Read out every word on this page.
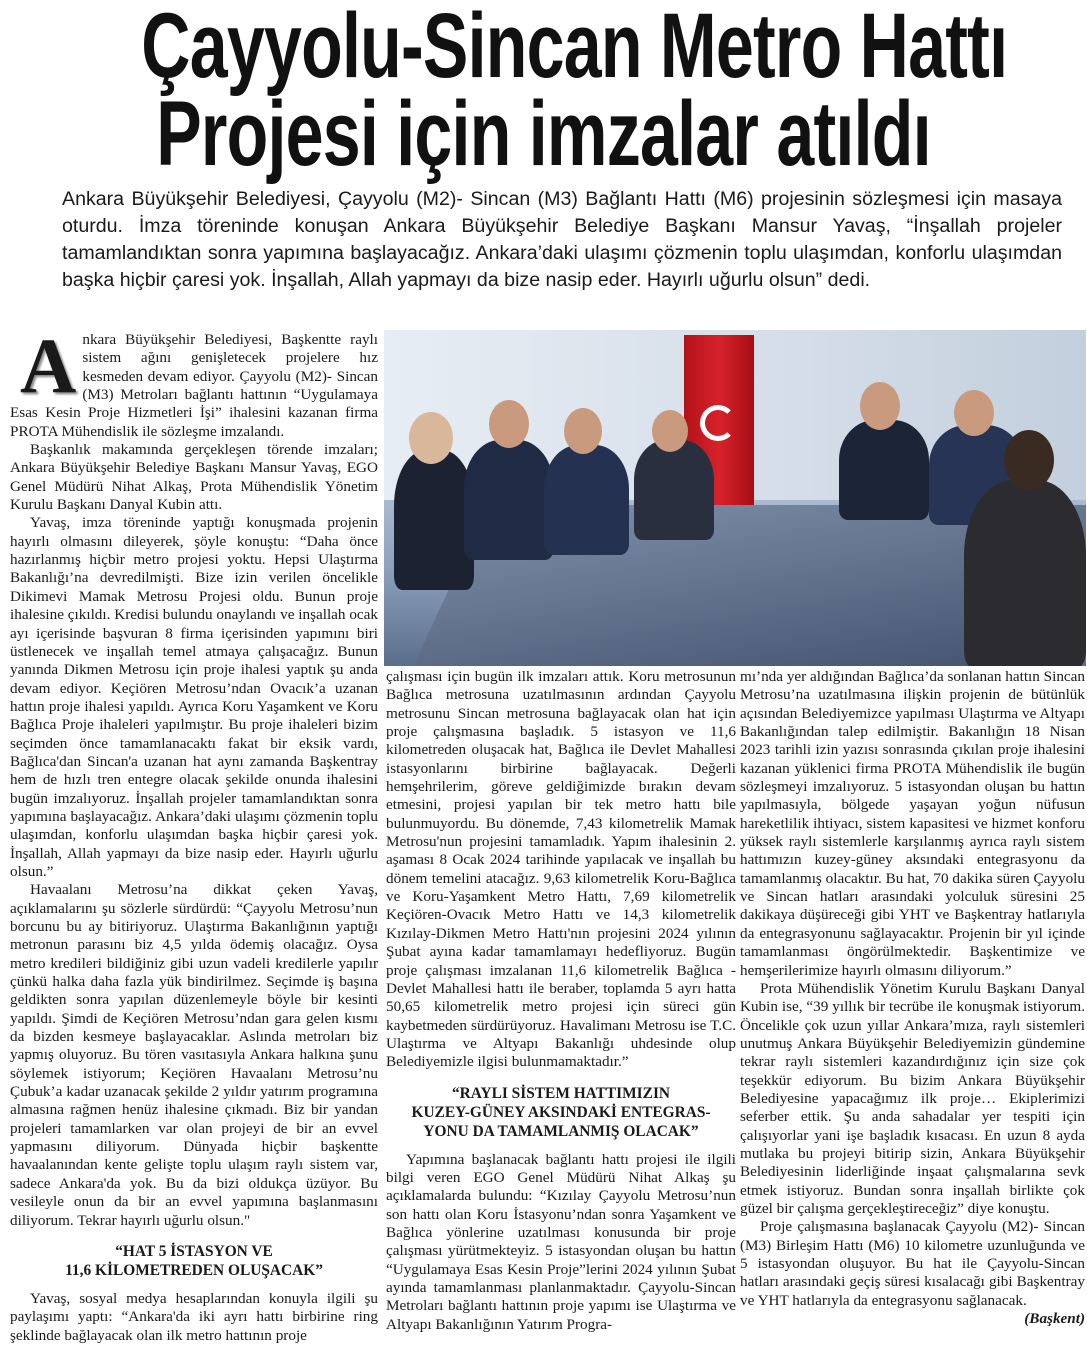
Çayyolu-Sincan Metro Hattı
Projesi için imzalar atıldı
Ankara Büyükşehir Belediyesi, Çayyolu (M2)- Sincan (M3) Bağlantı Hattı (M6) projesinin sözleşmesi için masaya oturdu. İmza töreninde konuşan Ankara Büyükşehir Belediye Başkanı Mansur Yavaş, “İnşallah projeler tamamlandıktan sonra yapımına başlayacağız. Ankara’daki ulaşımı çözmenin toplu ulaşımdan, konforlu ulaşımdan başka hiçbir çaresi yok. İnşallah, Allah yapmayı da bize nasip eder. Hayırlı uğurlu olsun” dedi.

Ankara Büyükşehir Belediyesi, Başkentte raylı sistem ağını genişletecek projelere hız kesmeden devam ediyor. Çayyolu (M2)- Sincan (M3) Metroları bağlantı hattının “Uygulamaya Esas Kesin Proje Hizmetleri İşi” ihalesini kazanan firma PROTA Mühendislik ile sözleşme imzalandı.

Başkanlık makamında gerçekleşen törende imzaları; Ankara Büyükşehir Belediye Başkanı Mansur Yavaş, EGO Genel Müdürü Nihat Alkaş, Prota Mühendislik Yönetim Kurulu Başkanı Danyal Kubin attı.

Yavaş, imza töreninde yaptığı konuşmada projenin hayırlı olmasını dileyerek, şöyle konuştu: “Daha önce hazırlanmış hiçbir metro projesi yoktu. Hepsi Ulaştırma Bakanlığı’na devredilmişti. Bize izin verilen öncelikle Dikimevi Mamak Metrosu Projesi oldu. Bunun proje ihalesine çıkıldı. Kredisi bulundu onaylandı ve inşallah ocak ayı içerisinde başvuran 8 firma içerisinden yapımını biri üstlenecek ve inşallah temel atmaya çalışacağız. Bunun yanında Dikmen Metrosu için proje ihalesi yaptık şu anda devam ediyor. Keçiören Metrosu’ndan Ovacık’a uzanan hattın proje ihalesi yapıldı. Ayrıca Koru Yaşamkent ve Koru Bağlıca Proje ihaleleri yapılmıştır. Bu proje ihaleleri bizim seçimden önce tamamlanacaktı fakat bir eksik vardı, Bağlıca'dan Sincan'a uzanan hat aynı zamanda Başkentray hem de hızlı tren entegre olacak şekilde onunda ihalesini bugün imzalıyoruz. İnşallah projeler tamamlandıktan sonra yapımına başlayacağız. Ankara’daki ulaşımı çözmenin toplu ulaşımdan, konforlu ulaşımdan başka hiçbir çaresi yok. İnşallah, Allah yapmayı da bize nasip eder. Hayırlı uğurlu olsun.”

Havaalanı Metrosu’na dikkat çeken Yavaş, açıklamalarını şu sözlerle sürdürdü: “Çayyolu Metrosu’nun borcunu bu ay bitiriyoruz. Ulaştırma Bakanlığının yaptığı metronun parasını biz 4,5 yılda ödemiş olacağız. Oysa metro kredileri bildiğiniz gibi uzun vadeli kredilerle yapılır çünkü halka daha fazla yük bindirilmez. Seçimde iş başına geldikten sonra yapılan düzenlemeyle böyle bir kesinti yapıldı. Şimdi de Keçiören Metrosu’ndan gara gelen kısmı da bizden kesmeye başlayacaklar. Aslında metroları biz yapmış oluyoruz. Bu tören vasıtasıyla Ankara halkına şunu söylemek istiyorum; Keçiören Havaalanı Metrosu’nu Çubuk’a kadar uzanacak şekilde 2 yıldır yatırım programına almasına rağmen henüz ihalesine çıkmadı. Biz bir yandan projeleri tamamlarken var olan projeyi de bir an evvel yapmasını diliyorum. Dünyada hiçbir başkentte havaalanından kente gelişte toplu ulaşım raylı sistem var, sadece Ankara'da yok. Bu da bizi oldukça üzüyor. Bu vesileyle onun da bir an evvel yapımına başlanmasını diliyorum. Tekrar hayırlı uğurlu olsun."

“HAT 5 İSTASYON VE
11,6 KİLOMETREDEN OLUŞACAK”

Yavaş, sosyal medya hesaplarından konuyla ilgili şu paylaşımı yaptı: “Ankara'da iki ayrı hattı birbirine ring şeklinde bağlayacak olan ilk metro hattının proje

çalışması için bugün ilk imzaları attık. Koru metrosunun Bağlıca metrosuna uzatılmasının ardından Çayyolu metrosunu Sincan metrosuna bağlayacak olan hat için proje çalışmasına başladık. 5 istasyon ve 11,6 kilometreden oluşacak hat, Bağlıca ile Devlet Mahallesi istasyonlarını birbirine bağlayacak. Değerli hemşehrilerim, göreve geldiğimizde bırakın devam etmesini, projesi yapılan bir tek metro hattı bile bulunmuyordu. Bu dönemde, 7,43 kilometrelik Mamak Metrosu'nun projesini tamamladık. Yapım ihalesinin 2. aşaması 8 Ocak 2024 tarihinde yapılacak ve inşallah bu dönem temelini atacağız. 9,63 kilometrelik Koru-Bağlıca ve Koru-Yaşamkent Metro Hattı, 7,69 kilometrelik Keçiören-Ovacık Metro Hattı ve 14,3 kilometrelik Kızılay-Dikmen Metro Hattı'nın projesini 2024 yılının Şubat ayına kadar tamamlamayı hedefliyoruz. Bugün proje çalışması imzalanan 11,6 kilometrelik Bağlıca - Devlet Mahallesi hattı ile beraber, toplamda 5 ayrı hatta 50,65 kilometrelik metro projesi için süreci gün kaybetmeden sürdürüyoruz. Havalimanı Metrosu ise T.C. Ulaştırma ve Altyapı Bakanlığı uhdesinde olup Belediyemizle ilgisi bulunmamaktadır.”

“RAYLI SİSTEM HATTIMIZIN
KUZEY-GÜNEY AKSINDAKİ ENTEGRAS-
YONU DA TAMAMLANMIŞ OLACAK”

Yapımına başlanacak bağlantı hattı projesi ile ilgili bilgi veren EGO Genel Müdürü Nihat Alkaş şu açıklamalarda bulundu: “Kızılay Çayyolu Metrosu’nun son hattı olan Koru İstasyonu’ndan sonra Yaşamkent ve Bağlıca yönlerine uzatılması konusunda bir proje çalışması yürütmekteyiz. 5 istasyondan oluşan bu hattın “Uygulamaya Esas Kesin Proje”lerini 2024 yılının Şubat ayında tamamlanması planlanmaktadır. Çayyolu-Sincan Metroları bağlantı hattının proje yapımı ise Ulaştırma ve Altyapı Bakanlığının Yatırım Progra-

mı’nda yer aldığından Bağlıca’da sonlanan hattın Sincan Metrosu’na uzatılmasına ilişkin projenin de bütünlük açısından Belediyemizce yapılması Ulaştırma ve Altyapı Bakanlığından talep edilmiştir. Bakanlığın 18 Nisan 2023 tarihli izin yazısı sonrasında çıkılan proje ihalesini kazanan yüklenici firma PROTA Mühendislik ile bugün sözleşmeyi imzalıyoruz. 5 istasyondan oluşan bu hattın yapılmasıyla, bölgede yaşayan yoğun nüfusun hareketlilik ihtiyacı, sistem kapasitesi ve hizmet konforu yüksek raylı sistemlerle karşılanmış ayrıca raylı sistem hattımızın kuzey-güney aksındaki entegrasyonu da tamamlanmış olacaktır. Bu hat, 70 dakika süren Çayyolu ve Sincan hatları arasındaki yolculuk süresini 25 dakikaya düşüreceği gibi YHT ve Başkentray hatlarıyla da entegrasyonunu sağlayacaktır. Projenin bir yıl içinde tamamlanması öngörülmektedir. Başkentimize ve hemşerilerimize hayırlı olmasını diliyorum.”

Prota Mühendislik Yönetim Kurulu Başkanı Danyal Kubin ise, “39 yıllık bir tecrübe ile konuşmak istiyorum. Öncelikle çok uzun yıllar Ankara’mıza, raylı sistemleri unutmuş Ankara Büyükşehir Belediyemizin gündemine tekrar raylı sistemleri kazandırdığınız için size çok teşekkür ediyorum. Bu bizim Ankara Büyükşehir Belediyesine yapacağımız ilk proje… Ekiplerimizi seferber ettik. Şu anda sahadalar yer tespiti için çalışıyorlar yani işe başladık kısacası. En uzun 8 ayda mutlaka bu projeyi bitirip sizin, Ankara Büyükşehir Belediyesinin liderliğinde inşaat çalışmalarına sevk etmek istiyoruz. Bundan sonra inşallah birlikte çok güzel bir çalışma gerçekleştireceğiz” diye konuştu.

Proje çalışmasına başlanacak Çayyolu (M2)- Sincan (M3) Birleşim Hattı (M6) 10 kilometre uzunluğunda ve 5 istasyondan oluşuyor. Bu hat ile Çayyolu-Sincan hatları arasındaki geçiş süresi kısalacağı gibi Başkentray ve YHT hatlarıyla da entegrasyonu sağlanacak.
(Başkent)
